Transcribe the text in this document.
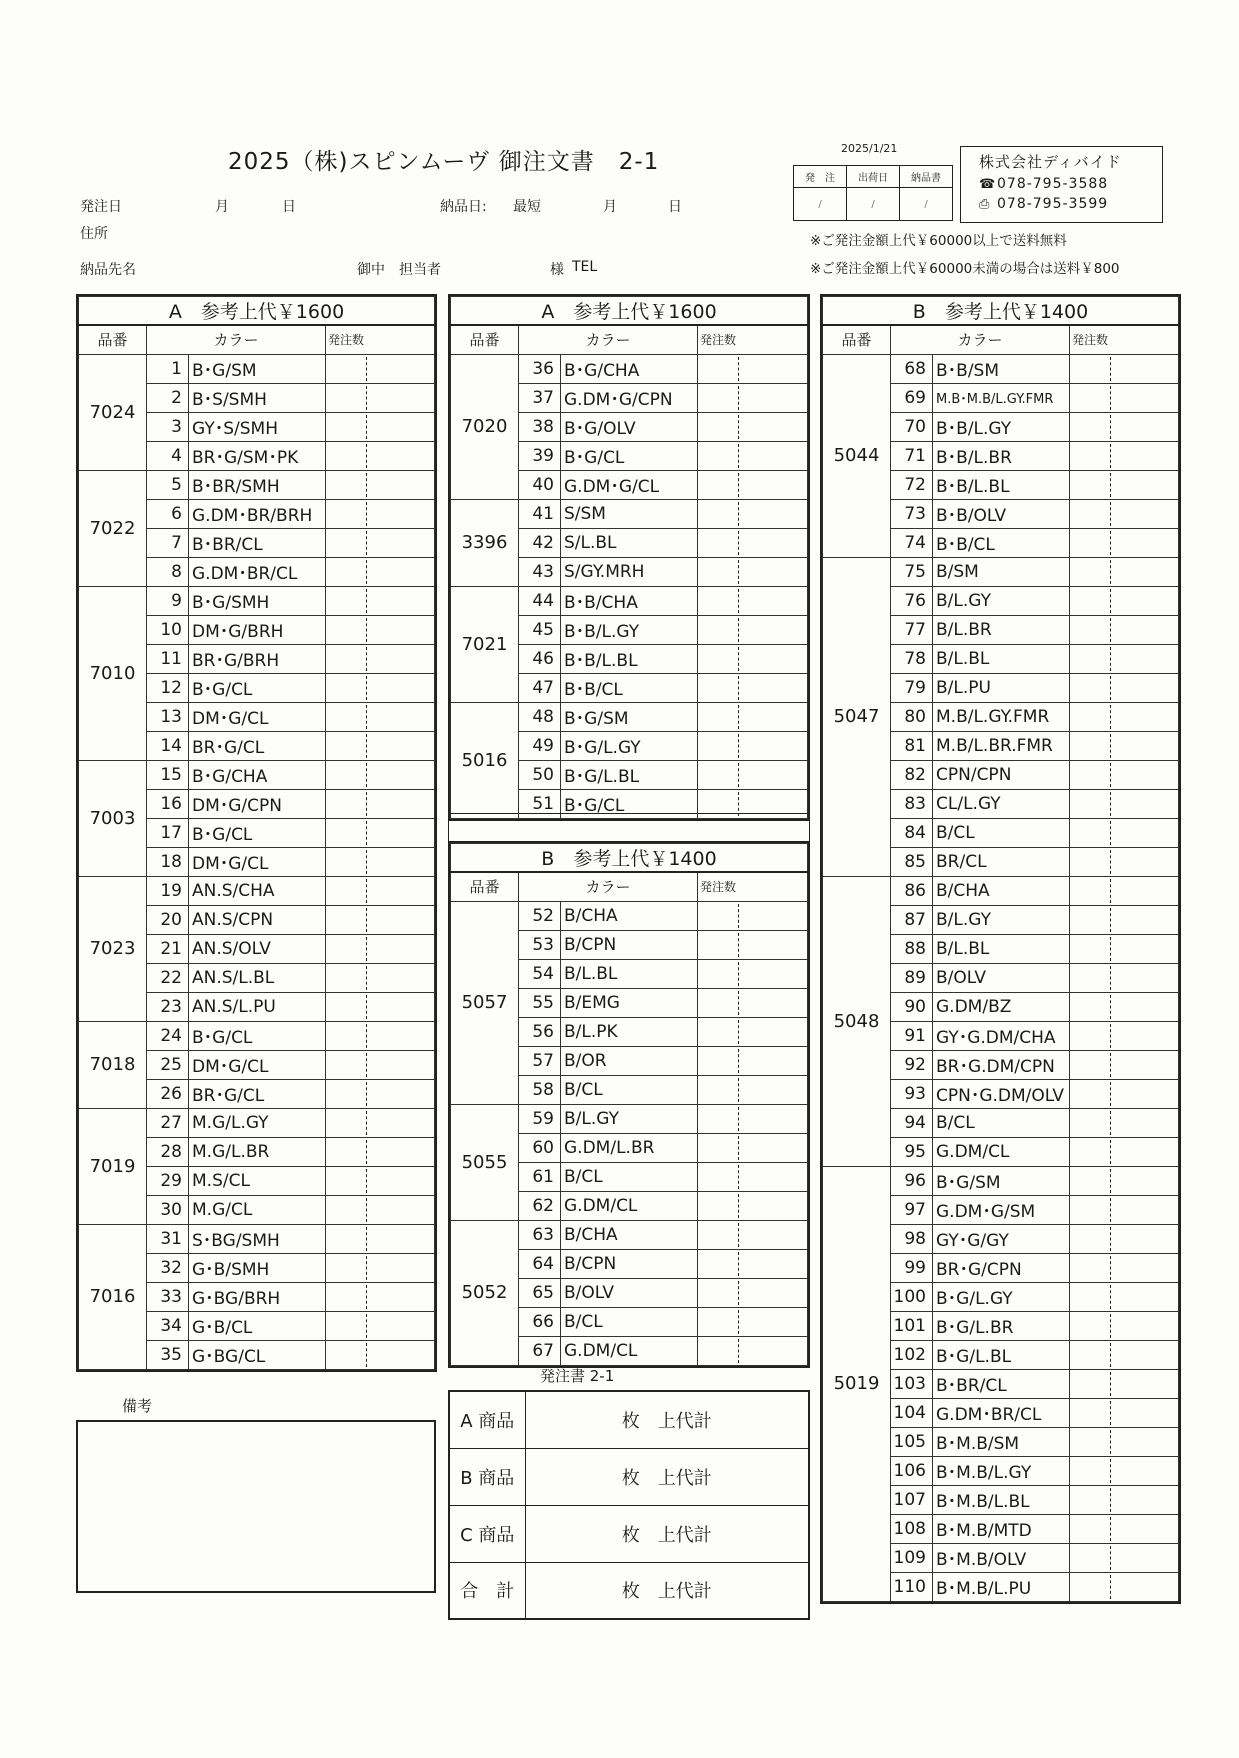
2025（株)スピンムーヴ 御注文書　2-1
発注日	月	日	納品日: 最短	月	日
住所
納品先名	御中 担当者	様 TEL
2025/1/21
発　注	出荷日	納品書
/	/	/
株式会社ディバイド
☎078-795-3588
⎙ 078-795-3599
※ご発注金額上代￥60000以上で送料無料
※ご発注金額上代￥60000未満の場合は送料￥800
A　参考上代￥1600			
品番	カラー		発注数
7024	1	B･G/SM	
	2	B･S/SMH	
	3	GY･S/SMH	
	4	BR･G/SM･PK	
7022	5	B･BR/SMH	
	6	G.DM･BR/BRH	
	7	B･BR/CL	
	8	G.DM･BR/CL	
7010	9	B･G/SMH	
	10	DM･G/BRH	
	11	BR･G/BRH	
	12	B･G/CL	
	13	DM･G/CL	
	14	BR･G/CL	
7003	15	B･G/CHA	
	16	DM･G/CPN	
	17	B･G/CL	
	18	DM･G/CL	
7023	19	AN.S/CHA	
	20	AN.S/CPN	
	21	AN.S/OLV	
	22	AN.S/L.BL	
	23	AN.S/L.PU	
7018	24	B･G/CL	
	25	DM･G/CL	
	26	BR･G/CL	
7019	27	M.G/L.GY	
	28	M.G/L.BR	
	29	M.S/CL	
	30	M.G/CL	
7016	31	S･BG/SMH	
	32	G･B/SMH	
	33	G･BG/BRH	
	34	G･B/CL	
	35	G･BG/CL	
A　参考上代￥1600			
品番	カラー		発注数
7020	36	B･G/CHA	
	37	G.DM･G/CPN	
	38	B･G/OLV	
	39	B･G/CL	
	40	G.DM･G/CL	
3396	41	S/SM	
	42	S/L.BL	
	43	S/GY.MRH	
7021	44	B･B/CHA	
	45	B･B/L.GY	
	46	B･B/L.BL	
	47	B･B/CL	
5016	48	B･G/SM	
	49	B･G/L.GY	
	50	B･G/L.BL	
	51	B･G/CL	
B　参考上代￥1400			
品番	カラー		発注数
5057	52	B/CHA	
	53	B/CPN	
	54	B/L.BL	
	55	B/EMG	
	56	B/L.PK	
	57	B/OR	
	58	B/CL	
5055	59	B/L.GY	
	60	G.DM/L.BR	
	61	B/CL	
	62	G.DM/CL	
5052	63	B/CHA	
	64	B/CPN	
	65	B/OLV	
	66	B/CL	
	67	G.DM/CL	
B　参考上代￥1400			
品番	カラー		発注数
5044	68	B･B/SM	
	69	M.B･M.B/L.GY.FMR	
	70	B･B/L.GY	
	71	B･B/L.BR	
	72	B･B/L.BL	
	73	B･B/OLV	
	74	B･B/CL	
5047	75	B/SM	
	76	B/L.GY	
	77	B/L.BR	
	78	B/L.BL	
	79	B/L.PU	
	80	M.B/L.GY.FMR	
	81	M.B/L.BR.FMR	
	82	CPN/CPN	
	83	CL/L.GY	
	84	B/CL	
	85	BR/CL	
5048	86	B/CHA	
	87	B/L.GY	
	88	B/L.BL	
	89	B/OLV	
	90	G.DM/BZ	
	91	GY･G.DM/CHA	
	92	BR･G.DM/CPN	
	93	CPN･G.DM/OLV	
	94	B/CL	
	95	G.DM/CL	
5019	96	B･G/SM	
	97	G.DM･G/SM	
	98	GY･G/GY	
	99	BR･G/CPN	
	100	B･G/L.GY	
	101	B･G/L.BR	
	102	B･G/L.BL	
	103	B･BR/CL	
	104	G.DM･BR/CL	
	105	B･M.B/SM	
	106	B･M.B/L.GY	
	107	B･M.B/L.BL	
	108	B･M.B/MTD	
	109	B･M.B/OLV	
	110	B･M.B/L.PU	
発注書 2-1
A 商品	枚　上代計
B 商品	枚　上代計
C 商品	枚　上代計
合　計	枚　上代計
備考
